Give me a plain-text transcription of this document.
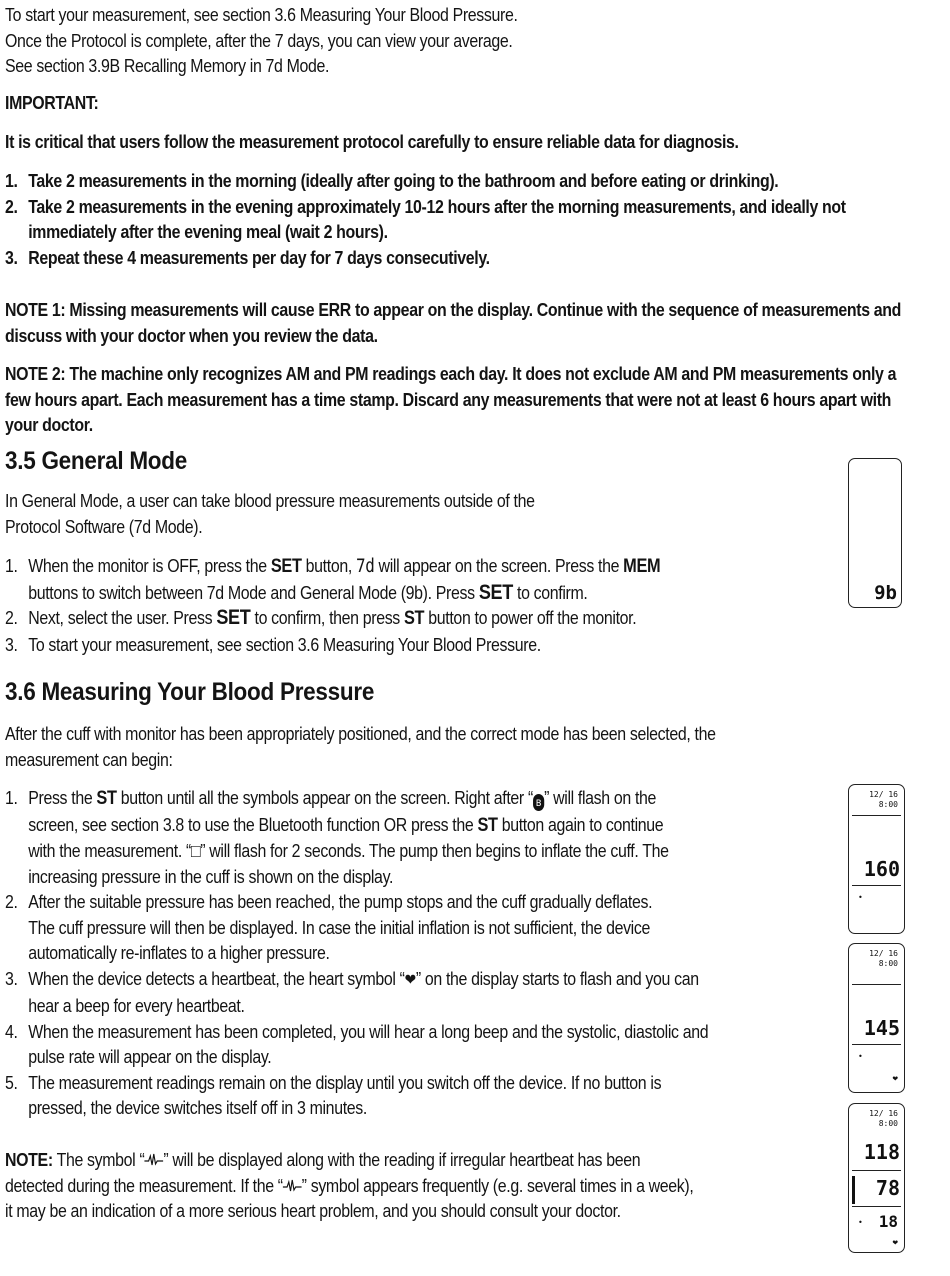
To start your measurement, see section 3.6 Measuring Your Blood Pressure.
Once the Protocol is complete, after the 7 days, you can view your average.
See section 3.9B Recalling Memory in 7d Mode.

IMPORTANT:

It is critical that users follow the measurement protocol carefully to ensure reliable data for diagnosis.

1. Take 2 measurements in the morning (ideally after going to the bathroom and before eating or drinking).
2. Take 2 measurements in the evening approximately 10-12 hours after the morning measurements, and ideally not immediately after the evening meal (wait 2 hours).
3. Repeat these 4 measurements per day for 7 days consecutively.

NOTE 1: Missing measurements will cause ERR to appear on the display. Continue with the sequence of measurements and discuss with your doctor when you review the data.

NOTE 2: The machine only recognizes AM and PM readings each day. It does not exclude AM and PM measurements only a few hours apart. Each measurement has a time stamp. Discard any measurements that were not at least 6 hours apart with your doctor.

3.5 General Mode

In General Mode, a user can take blood pressure measurements outside of the
Protocol Software (7d Mode).

1. When the monitor is OFF, press the SET button, 7d will appear on the screen. Press the MEM
buttons to switch between 7d Mode and General Mode (9b). Press SET to confirm.
2. Next, select the user. Press SET to confirm, then press ST button to power off the monitor.
3. To start your measurement, see section 3.6 Measuring Your Blood Pressure.

3.6 Measuring Your Blood Pressure

After the cuff with monitor has been appropriately positioned, and the correct mode has been selected, the
measurement can begin:

1. Press the ST button until all the symbols appear on the screen. Right after “ ʙ ” will flash on the
screen, see section 3.8 to use the Bluetooth function OR press the ST button again to continue
with the measurement. “□” will flash for 2 seconds. The pump then begins to inflate the cuff. The
increasing pressure in the cuff is shown on the display.
2. After the suitable pressure has been reached, the pump stops and the cuff gradually deflates.
The cuff pressure will then be displayed. In case the initial inflation is not sufficient, the device
automatically re-inflates to a higher pressure.
3. When the device detects a heartbeat, the heart symbol “❤” on the display starts to flash and you can
hear a beep for every heartbeat.
4. When the measurement has been completed, you will hear a long beep and the systolic, diastolic and
pulse rate will appear on the display.
5. The measurement readings remain on the display until you switch off the device. If no button is
pressed, the device switches itself off in 3 minutes.

NOTE: The symbol “ ” will be displayed along with the reading if irregular heartbeat has been
detected during the measurement. If the “ ” symbol appears frequently (e.g. several times in a week),
it may be an indication of a more serious heart problem, and you should consult your doctor.

9b
12/ 16
8:00
160
•
12/ 16
8:00
145
•
❤
12/ 16
8:00
118
78
• 18
❤
